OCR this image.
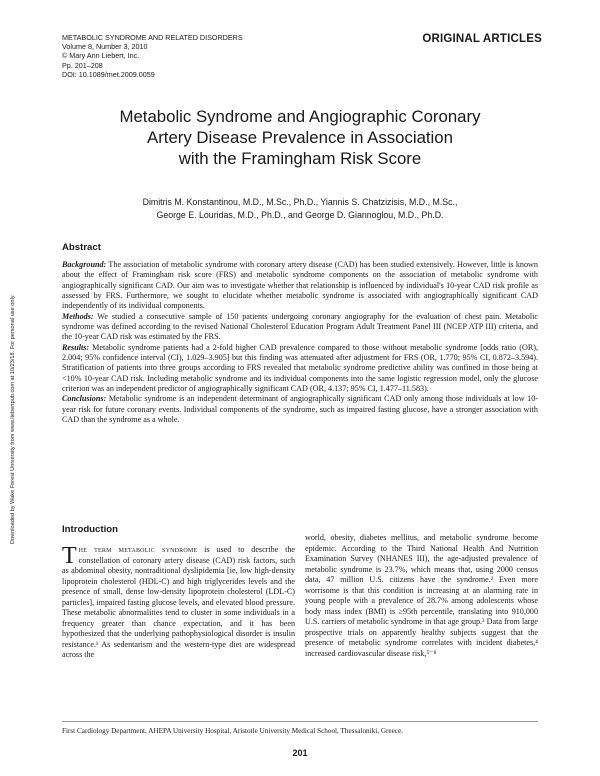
METABOLIC SYNDROME AND RELATED DISORDERS
Volume 8, Number 3, 2010
© Mary Ann Liebert, Inc.
Pp. 201–208
DOI: 10.1089/met.2009.0059
ORIGINAL ARTICLES
Metabolic Syndrome and Angiographic Coronary
Artery Disease Prevalence in Association
with the Framingham Risk Score
Dimitris M. Konstantinou, M.D., M.Sc., Ph.D., Yiannis S. Chatzizisis, M.D., M.Sc.,
George E. Louridas, M.D., Ph.D., and George D. Giannoglou, M.D., Ph.D.
Downloaded by Wake Forest University from www.liebertpub.com at 10/23/18. For personal use only.
Abstract

Background: The association of metabolic syndrome with coronary artery disease (CAD) has been studied extensively. However, little is known about the effect of Framingham risk score (FRS) and metabolic syndrome components on the association of metabolic syndrome with angiographically significant CAD. Our aim was to investigate whether that relationship is influenced by individual's 10-year CAD risk profile as assessed by FRS. Furthermore, we sought to elucidate whether metabolic syndrome is associated with angiographically significant CAD independently of its individual components.

Methods: We studied a consecutive sample of 150 patients undergoing coronary angiography for the evaluation of chest pain. Metabolic syndrome was defined according to the revised National Cholesterol Education Program Adult Treatment Panel III (NCEP ATP III) criteria, and the 10-year CAD risk was estimated by the FRS.

Results: Metabolic syndrome patients had a 2-fold higher CAD prevalence compared to those without metabolic syndrome [odds ratio (OR), 2.004; 95% confidence interval (CI), 1.029–3.905] but this finding was attenuated after adjustment for FRS (OR, 1.770; 95% CI, 0.872–3.594). Stratification of patients into three groups according to FRS revealed that metabolic syndrome predictive ability was confined in those being at <10% 10-year CAD risk. Including metabolic syndrome and its individual components into the same logistic regression model, only the glucose criterion was an independent predictor of angiographically significant CAD (OR, 4.137; 95% CI, 1.477–11.583).

Conclusions: Metabolic syndrome is an independent determinant of angiographically significant CAD only among those individuals at low 10-year risk for future coronary events. Individual components of the syndrome, such as impaired fasting glucose, have a stronger association with CAD than the syndrome as a whole.

Introduction

The term metabolic syndrome is used to describe the constellation of coronary artery disease (CAD) risk factors, such as abdominal obesity, nontraditional dyslipidemia [ie, low high-density lipoprotein cholesterol (HDL-C) and high triglycerides levels and the presence of small, dense low-density lipoprotein cholesterol (LDL-C) particles], impaired fasting glucose levels, and elevated blood pressure. These metabolic abnormalities tend to cluster in some individuals in a frequency greater than chance expectation, and it has been hypothesized that the underlying pathophysiological disorder is insulin resistance.¹ As sedentarism and the western-type diet are widespread across the

world, obesity, diabetes mellitus, and metabolic syndrome become epidemic. According to the Third National Health And Nutrition Examination Survey (NHANES III), the age-adjusted prevalence of metabolic syndrome is 23.7%, which means that, using 2000 census data, 47 million U.S. citizens have the syndrome.² Even more worrisome is that this condition is increasing at an alarming rate in young people with a prevalence of 28.7% among adolescents whose body mass index (BMI) is ≥95th percentile, translating into 910,000 U.S. carriers of metabolic syndrome in that age group.³ Data from large prospective trials on apparently healthy subjects suggest that the presence of metabolic syndrome correlates with incident diabetes,⁴ increased cardiovascular disease risk,⁵⁻⁸

First Cardiology Department, AHEPA University Hospital, Aristotle University Medical School, Thessaloniki, Greece.
201
